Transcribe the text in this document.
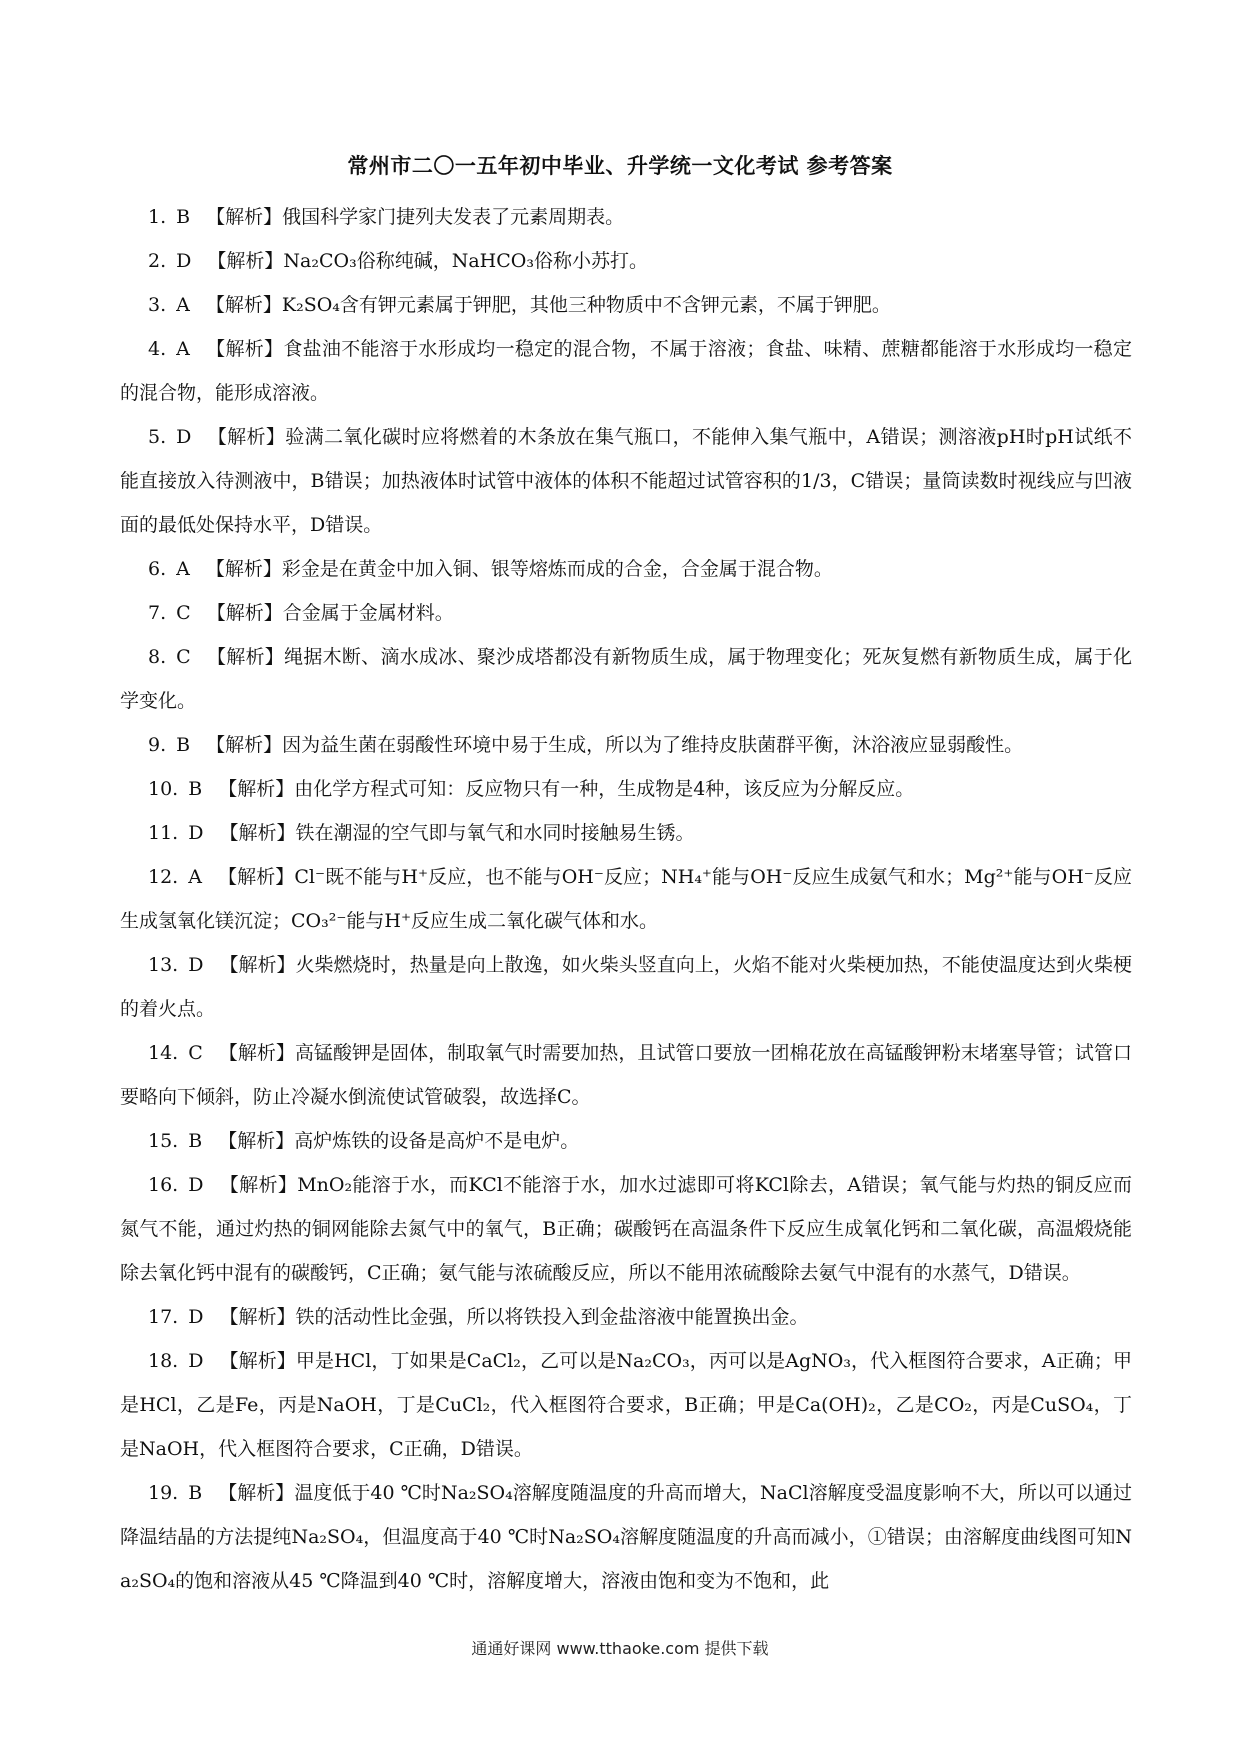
常州市二〇一五年初中毕业、升学统一文化考试 参考答案
1. B 【解析】俄国科学家门捷列夫发表了元素周期表。
2. D 【解析】Na₂CO₃俗称纯碱，NaHCO₃俗称小苏打。
3. A 【解析】K₂SO₄含有钾元素属于钾肥，其他三种物质中不含钾元素，不属于钾肥。
4. A 【解析】食盐油不能溶于水形成均一稳定的混合物，不属于溶液；食盐、味精、蔗糖都能溶于水形成均一稳定的混合物，能形成溶液。
5. D 【解析】验满二氧化碳时应将燃着的木条放在集气瓶口，不能伸入集气瓶中，A错误；测溶液pH时pH试纸不能直接放入待测液中，B错误；加热液体时试管中液体的体积不能超过试管容积的1/3，C错误；量筒读数时视线应与凹液面的最低处保持水平，D错误。
6. A 【解析】彩金是在黄金中加入铜、银等熔炼而成的合金，合金属于混合物。
7. C 【解析】合金属于金属材料。
8. C 【解析】绳据木断、滴水成冰、聚沙成塔都没有新物质生成，属于物理变化；死灰复燃有新物质生成，属于化学变化。
9. B 【解析】因为益生菌在弱酸性环境中易于生成，所以为了维持皮肤菌群平衡，沐浴液应显弱酸性。
10. B 【解析】由化学方程式可知：反应物只有一种，生成物是4种，该反应为分解反应。
11. D 【解析】铁在潮湿的空气即与氧气和水同时接触易生锈。
12. A 【解析】Cl⁻既不能与H⁺反应，也不能与OH⁻反应；NH₄⁺能与OH⁻反应生成氨气和水；Mg²⁺能与OH⁻反应生成氢氧化镁沉淀；CO₃²⁻能与H⁺反应生成二氧化碳气体和水。
13. D 【解析】火柴燃烧时，热量是向上散逸，如火柴头竖直向上，火焰不能对火柴梗加热，不能使温度达到火柴梗的着火点。
14. C 【解析】高锰酸钾是固体，制取氧气时需要加热，且试管口要放一团棉花放在高锰酸钾粉末堵塞导管；试管口要略向下倾斜，防止冷凝水倒流使试管破裂，故选择C。
15. B 【解析】高炉炼铁的设备是高炉不是电炉。
16. D 【解析】MnO₂能溶于水，而KCl不能溶于水，加水过滤即可将KCl除去，A错误；氧气能与灼热的铜反应而氮气不能，通过灼热的铜网能除去氮气中的氧气，B正确；碳酸钙在高温条件下反应生成氧化钙和二氧化碳，高温煅烧能除去氧化钙中混有的碳酸钙，C正确；氨气能与浓硫酸反应，所以不能用浓硫酸除去氨气中混有的水蒸气，D错误。
17. D 【解析】铁的活动性比金强，所以将铁投入到金盐溶液中能置换出金。
18. D 【解析】甲是HCl，丁如果是CaCl₂，乙可以是Na₂CO₃，丙可以是AgNO₃，代入框图符合要求，A正确；甲是HCl，乙是Fe，丙是NaOH，丁是CuCl₂，代入框图符合要求，B正确；甲是Ca(OH)₂，乙是CO₂，丙是CuSO₄，丁是NaOH，代入框图符合要求，C正确，D错误。
19. B 【解析】温度低于40 ℃时Na₂SO₄溶解度随温度的升高而增大，NaCl溶解度受温度影响不大，所以可以通过降温结晶的方法提纯Na₂SO₄，但温度高于40 ℃时Na₂SO₄溶解度随温度的升高而减小，①错误；由溶解度曲线图可知Na₂SO₄的饱和溶液从45 ℃降温到40 ℃时，溶解度增大，溶液由饱和变为不饱和，此
通通好课网 www.tthaoke.com 提供下载
